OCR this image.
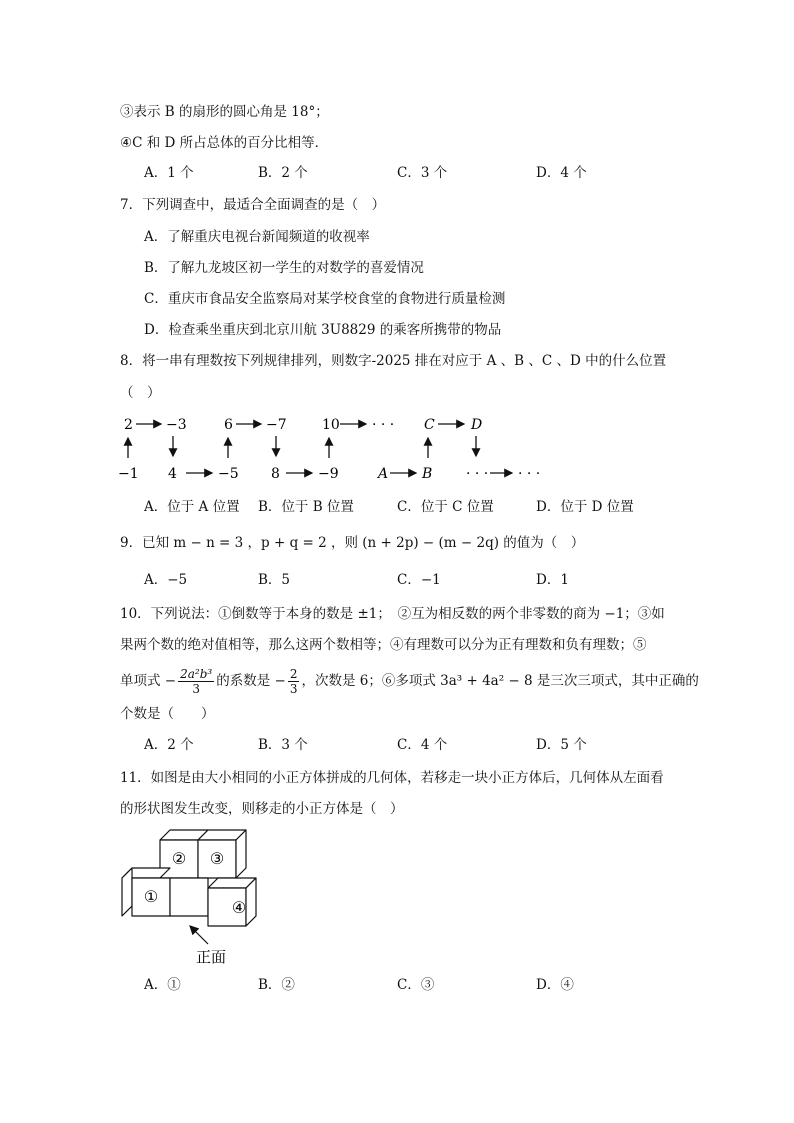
③表示 B 的扇形的圆心角是 18°；
④C 和 D 所占总体的百分比相等．
A．1 个	B．2 个	C．3 个	D．4 个
7．下列调查中，最适合全面调查的是（　）
A．了解重庆电视台新闻频道的收视率
B．了解九龙坡区初一学生的对数学的喜爱情况
C．重庆市食品安全监察局对某学校食堂的食物进行质量检测
D．检查乘坐重庆到北京川航 3U8829 的乘客所携带的物品
8．将一串有理数按下列规律排列，则数字-2025 排在对应于 A 、B 、C 、D 中的什么位置
（　）
2 −3	6 −7	10 · · · C	D
−1 4	−5 8	−9	A B · · · · · ·
A．位于 A 位置 B．位于 B 位置	C．位于 C 位置	D．位于 D 位置
9．已知 m − n = 3 ，p + q = 2 ，则 (n + 2p) − (m − 2q) 的值为（　）
A．−5	B．5	C．−1	D．1
10．下列说法：①倒数等于本身的数是 ±1；　②互为相反数的两个非零数的商为 −1；③如
果两个数的绝对值相等，那么这两个数相等；④有理数可以分为正有理数和负有理数；⑤
单项式 − $\frac{\text{2a²b³}}{3}$ 的系数是 − $\frac{2}{3}$ ，次数是 6；⑥多项式 3a³ + 4a² − 8 是三次三项式，其中正确的
个数是（　　）
A．2 个	B．3 个	C．4 个	D．5 个
11．如图是由大小相同的小正方体拼成的几何体，若移走一块小正方体后，几何体从左面看
的形状图发生改变，则移走的小正方体是（　）
①
② ③
④
正面
A．①	B．②	C．③	D．④
